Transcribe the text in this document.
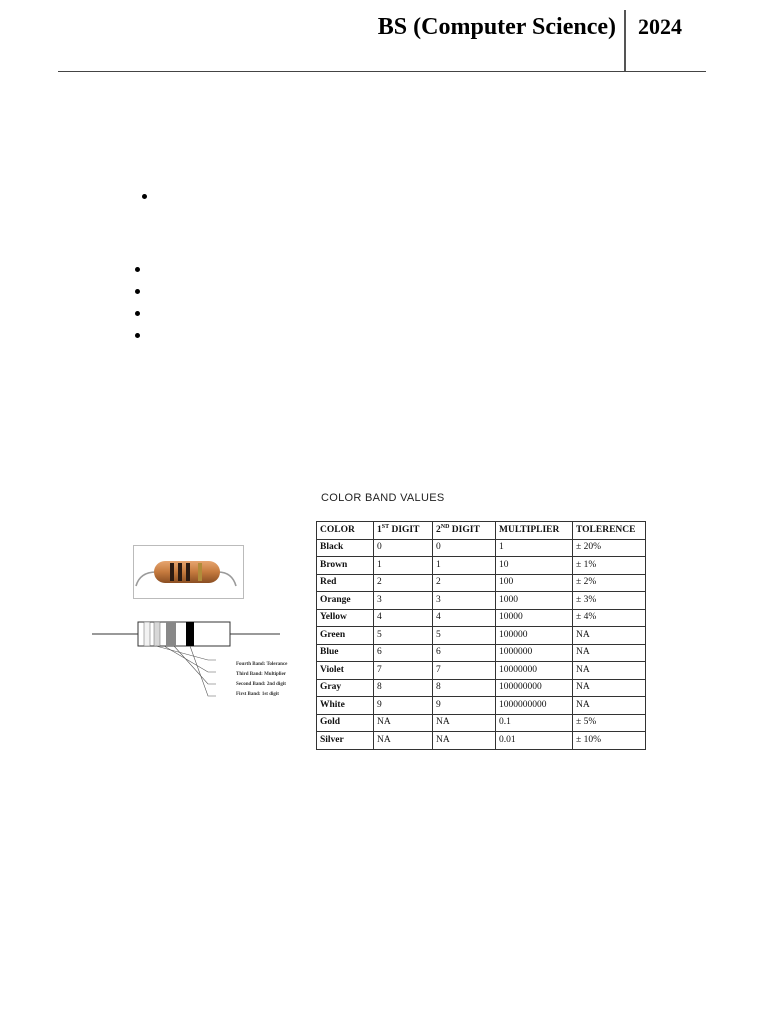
BS (Computer Science) 2024
Fourth Band: Tolerance
Third Band: Multiplier
Second Band: 2nd digit
First Band: 1st digit
COLOR BAND VALUES
COLOR	1ST DIGIT	2ND DIGIT	MULTIPLIER	TOLERENCE
Black	0	0	1	± 20%
Brown	1	1	10	± 1%
Red	2	2	100	± 2%
Orange	3	3	1000	± 3%
Yellow	4	4	10000	± 4%
Green	5	5	100000	NA
Blue	6	6	1000000	NA
Violet	7	7	10000000	NA
Gray	8	8	100000000	NA
White	9	9	1000000000	NA
Gold	NA	NA	0.1	± 5%
Silver	NA	NA	0.01	± 10%
